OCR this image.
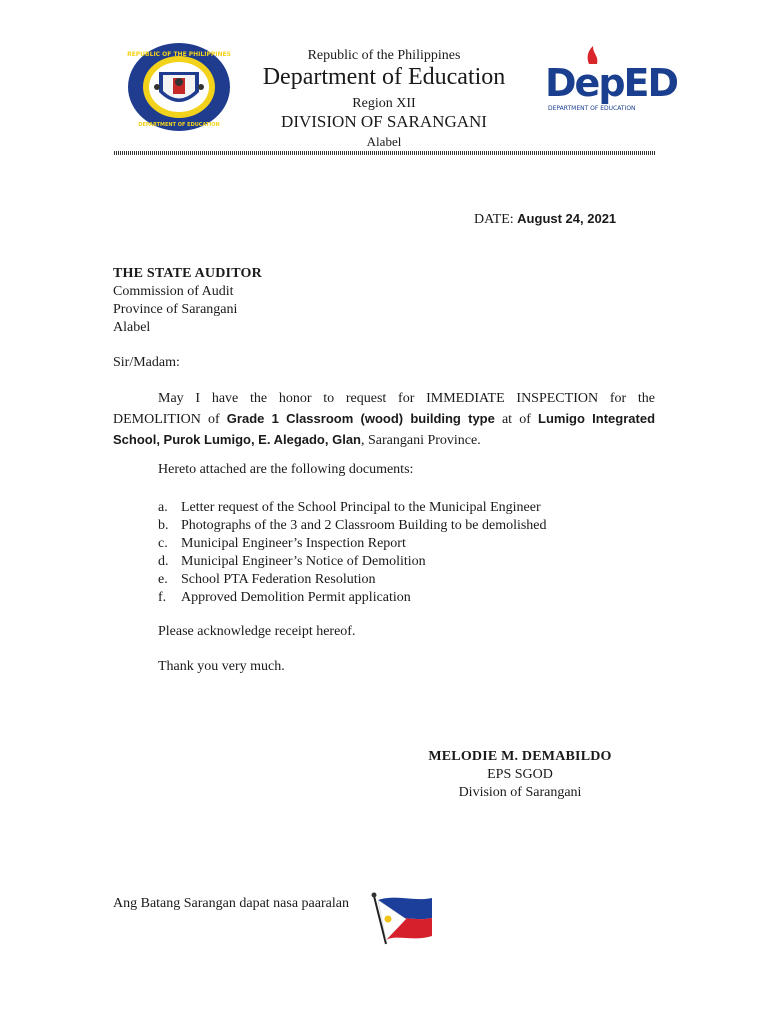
REPUBLIC OF THE PHILIPPINES
DEPARTMENT OF EDUCATION
Republic of the Philippines
Department of Education
Region XII
DIVISION OF SARANGANI
Alabel
DepED
DEPARTMENT OF EDUCATION
DATE: August 24, 2021
THE STATE AUDITOR
Commission of Audit
Province of Sarangani
Alabel
Sir/Madam:
May I have the honor to request for IMMEDIATE INSPECTION for the DEMOLITION of Grade 1 Classroom (wood) building type at of Lumigo Integrated School, Purok Lumigo, E. Alegado, Glan, Sarangani Province.
Hereto attached are the following documents:
a. Letter request of the School Principal to the Municipal Engineer
b. Photographs of the 3 and 2 Classroom Building to be demolished
c. Municipal Engineer’s Inspection Report
d. Municipal Engineer’s Notice of Demolition
e. School PTA Federation Resolution
f.	Approved Demolition Permit application
Please acknowledge receipt hereof.
Thank you very much.
MELODIE M. DEMABILDO
EPS SGOD
Division of Sarangani
Ang Batang Sarangan dapat nasa paaralan
